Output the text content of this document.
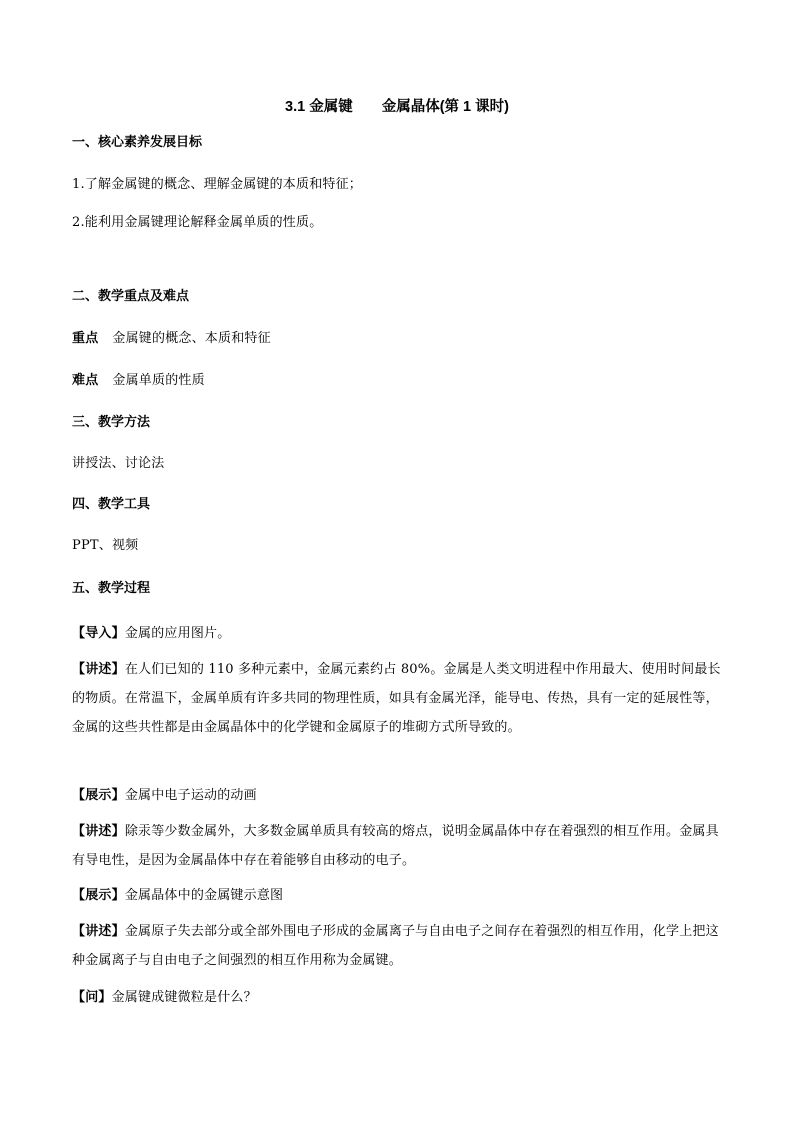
3.1 金属键　　金属晶体(第 1 课时)
一、核心素养发展目标
1.了解金属键的概念、理解金属键的本质和特征；
2.能利用金属键理论解释金属单质的性质。
二、教学重点及难点
重点 金属键的概念、本质和特征
难点 金属单质的性质
三、教学方法
讲授法、讨论法
四、教学工具
PPT、视频
五、教学过程
【导入】金属的应用图片。
【讲述】在人们已知的 110 多种元素中，金属元素约占 80%。金属是人类文明进程中作用最大、使用时间最长的物质。在常温下，金属单质有许多共同的物理性质，如具有金属光泽，能导电、传热，具有一定的延展性等，金属的这些共性都是由金属晶体中的化学键和金属原子的堆砌方式所导致的。
【展示】金属中电子运动的动画
【讲述】除汞等少数金属外，大多数金属单质具有较高的熔点，说明金属晶体中存在着强烈的相互作用。金属具有导电性，是因为金属晶体中存在着能够自由移动的电子。
【展示】金属晶体中的金属键示意图
【讲述】金属原子失去部分或全部外围电子形成的金属离子与自由电子之间存在着强烈的相互作用，化学上把这种金属离子与自由电子之间强烈的相互作用称为金属键。
【问】金属键成键微粒是什么？
